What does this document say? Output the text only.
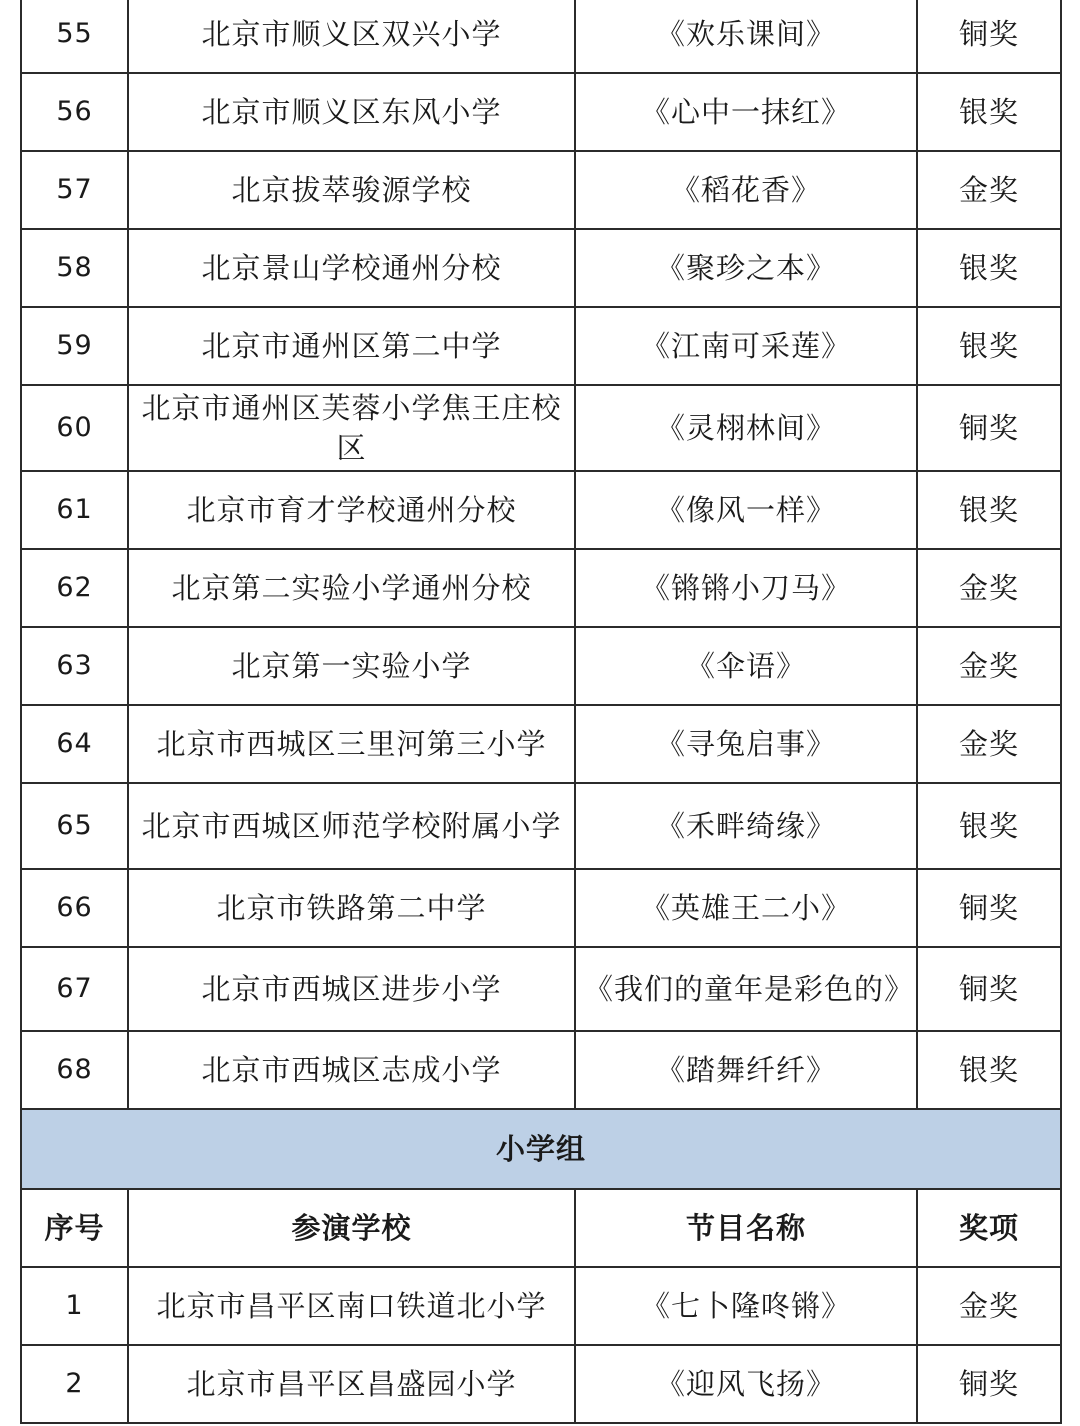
55	北京市顺义区双兴小学	《欢乐课间》	铜奖
56	北京市顺义区东风小学	《心中一抹红》	银奖
57	北京拔萃骏源学校	《稻花香》	金奖
58	北京景山学校通州分校	《聚珍之本》	银奖
59	北京市通州区第二中学	《江南可采莲》	银奖
60	北京市通州区芙蓉小学焦王庄校区	《灵栩林间》	铜奖
61	北京市育才学校通州分校	《像风一样》	银奖
62	北京第二实验小学通州分校	《锵锵小刀马》	金奖
63	北京第一实验小学	《伞语》	金奖
64	北京市西城区三里河第三小学	《寻兔启事》	金奖
65	北京市西城区师范学校附属小学	《禾畔绮缘》	银奖
66	北京市铁路第二中学	《英雄王二小》	铜奖
67	北京市西城区进步小学	《我们的童年是彩色的》	铜奖
68	北京市西城区志成小学	《踏舞纤纤》	银奖
小学组			
序号	参演学校	节目名称	奖项
1	北京市昌平区南口铁道北小学	《七卜隆咚锵》	金奖
2	北京市昌平区昌盛园小学	《迎风飞扬》	铜奖
